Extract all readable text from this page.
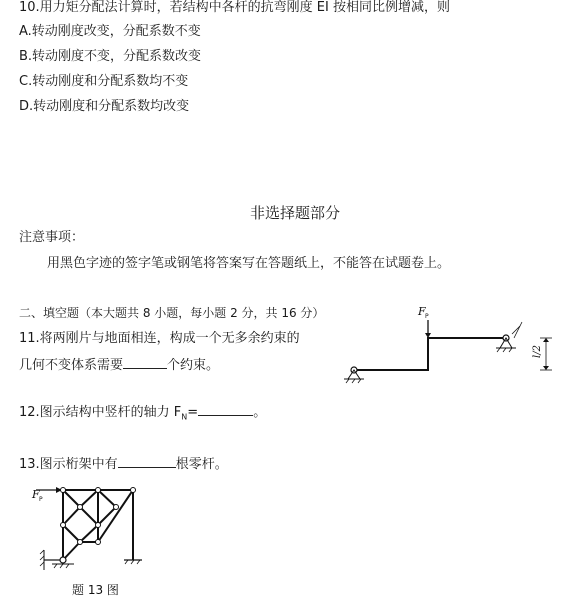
10.用力矩分配法计算时，若结构中各杆的抗弯刚度 EI 按相同比例增减，则
A.转动刚度改变，分配系数不变
B.转动刚度不变，分配系数改变
C.转动刚度和分配系数均不变
D.转动刚度和分配系数均改变
非选择题部分
注意事项：
用黑色字迹的签字笔或钢笔将答案写在答题纸上，不能答在试题卷上。
二、填空题（本大题共 8 小题，每小题 2 分，共 16 分）
11.将两刚片与地面相连，构成一个无多余约束的
几何不变体系需要	个约束。
12.图示结构中竖杆的轴力 $F_N=$	。
13.图示桁架中有	根零杆。
F P
l/2
F P
题 13 图
